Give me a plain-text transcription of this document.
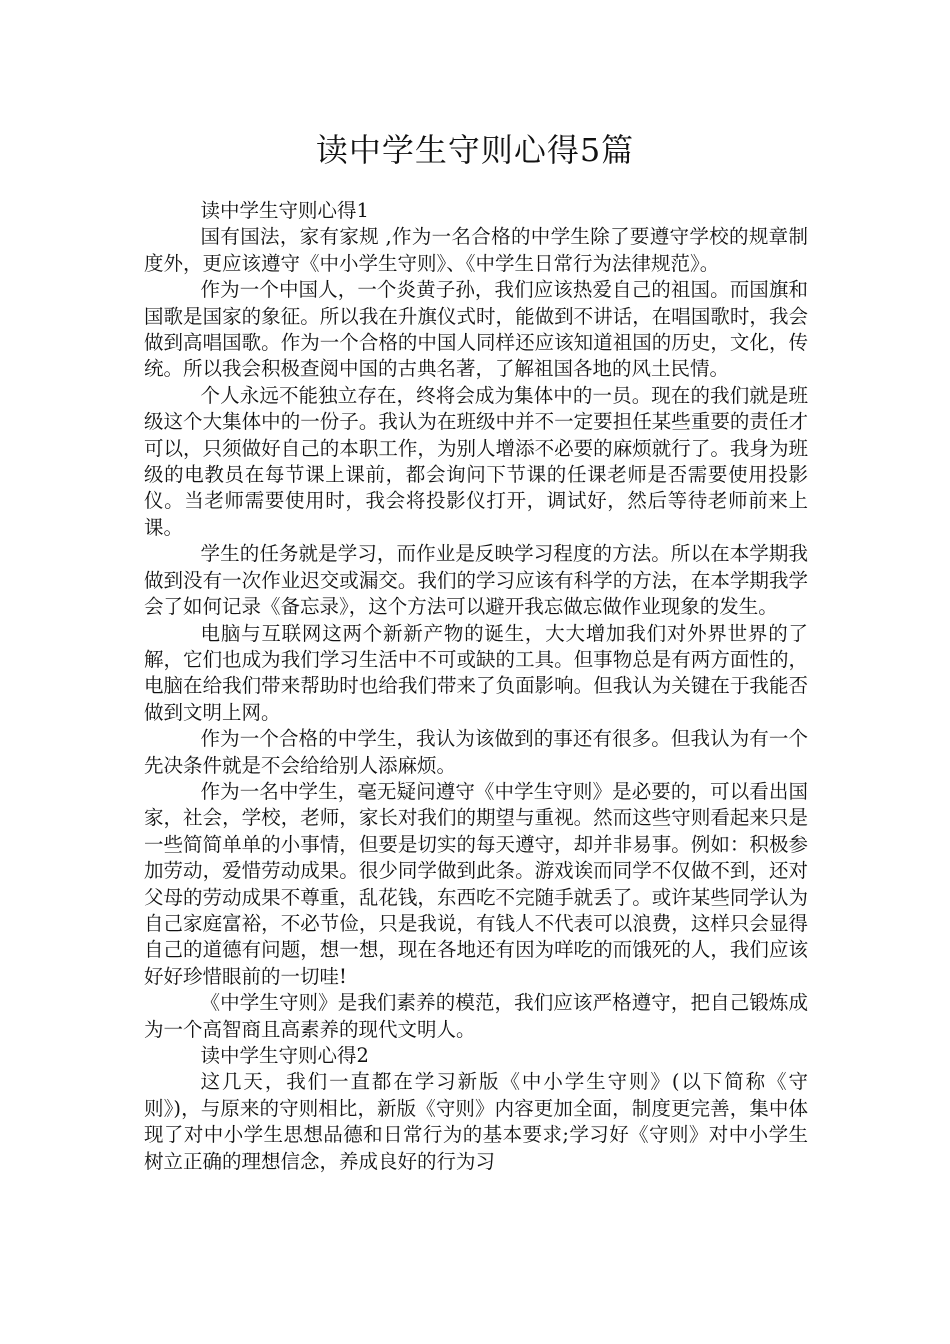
读中学生守则心得5篇

读中学生守则心得1

国有国法，家有家规 ,作为一名合格的中学生除了要遵守学校的规章制度外，更应该遵守《中小学生守则》、《中学生日常行为法律规范》。

作为一个中国人，一个炎黄子孙，我们应该热爱自己的祖国。而国旗和国歌是国家的象征。所以我在升旗仪式时，能做到不讲话，在唱国歌时，我会做到高唱国歌。作为一个合格的中国人同样还应该知道祖国的历史，文化，传统。所以我会积极查阅中国的古典名著，了解祖国各地的风土民情。

个人永远不能独立存在，终将会成为集体中的一员。现在的我们就是班级这个大集体中的一份子。我认为在班级中并不一定要担任某些重要的责任才可以，只须做好自己的本职工作，为别人增添不必要的麻烦就行了。我身为班级的电教员在每节课上课前，都会询问下节课的任课老师是否需要使用投影仪。当老师需要使用时，我会将投影仪打开，调试好，然后等待老师前来上课。

学生的任务就是学习，而作业是反映学习程度的方法。所以在本学期我做到没有一次作业迟交或漏交。我们的学习应该有科学的方法，在本学期我学会了如何记录《备忘录》，这个方法可以避开我忘做忘做作业现象的发生。

电脑与互联网这两个新新产物的诞生，大大增加我们对外界世界的了解，它们也成为我们学习生活中不可或缺的工具。但事物总是有两方面性的，电脑在给我们带来帮助时也给我们带来了负面影响。但我认为关键在于我能否做到文明上网。

作为一个合格的中学生，我认为该做到的事还有很多。但我认为有一个先决条件就是不会给给别人添麻烦。

作为一名中学生，毫无疑问遵守《中学生守则》是必要的，可以看出国家，社会，学校，老师，家长对我们的期望与重视。然而这些守则看起来只是一些简简单单的小事情，但要是切实的每天遵守，却并非易事。例如：积极参加劳动，爱惜劳动成果。很少同学做到此条。游戏诶而同学不仅做不到，还对父母的劳动成果不尊重，乱花钱，东西吃不完随手就丢了。或许某些同学认为自己家庭富裕，不必节俭，只是我说，有钱人不代表可以浪费，这样只会显得自己的道德有问题，想一想，现在各地还有因为咩吃的而饿死的人，我们应该好好珍惜眼前的一切哇!

《中学生守则》是我们素养的模范，我们应该严格遵守，把自己锻炼成为一个高智商且高素养的现代文明人。

读中学生守则心得2

这几天，我们一直都在学习新版《中小学生守则》(以下简称《守则》)，与原来的守则相比，新版《守则》内容更加全面，制度更完善，集中体现了对中小学生思想品德和日常行为的基本要求;学习好《守则》对中小学生树立正确的理想信念，养成良好的行为习
